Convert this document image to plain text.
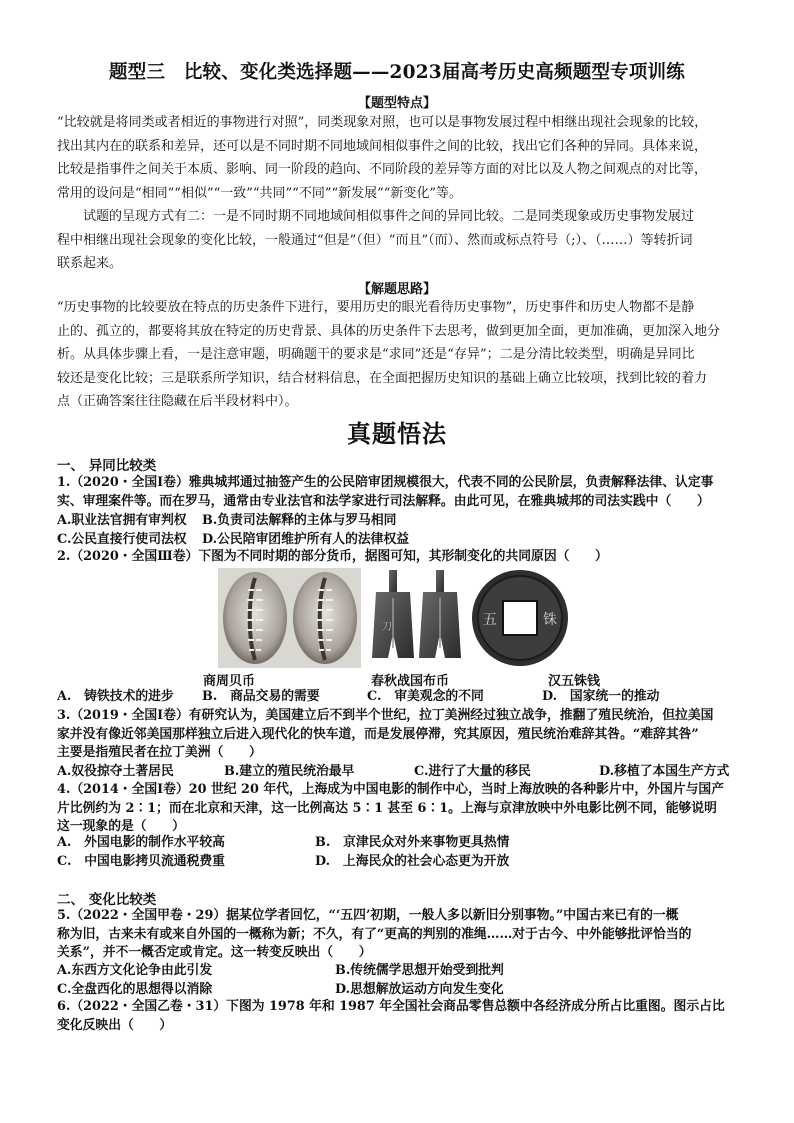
题型三　比较、变化类选择题——2023届高考历史高频题型专项训练
【题型特点】
“比较就是将同类或者相近的事物进行对照”，同类现象对照，也可以是事物发展过程中相继出现社会现象的比较，
找出其内在的联系和差异，还可以是不同时期不同地域间相似事件之间的比较，找出它们各种的异同。具体来说，
比较是指事件之间关于本质、影响、同一阶段的趋向、不同阶段的差异等方面的对比以及人物之间观点的对比等，
常用的设问是“相同”“相似”“一致”“共同”“不同”“新发展”“新变化”等。
试题的呈现方式有二：一是不同时期不同地域间相似事件之间的异同比较。二是同类现象或历史事物发展过
程中相继出现社会现象的变化比较，一般通过“但是”（但）“而且”（而）、然而或标点符号（;）、（……）等转折词
联系起来。
【解题思路】
“历史事物的比较要放在特点的历史条件下进行，要用历史的眼光看待历史事物”，历史事件和历史人物都不是静
止的、孤立的，都要将其放在特定的历史背景、具体的历史条件下去思考，做到更加全面，更加准确，更加深入地分
析。从具体步骤上看，一是注意审题，明确题干的要求是“求同”还是“存异”；二是分清比较类型，明确是异同比
较还是变化比较；三是联系所学知识，结合材料信息，在全面把握历史知识的基础上确立比较项，找到比较的着力
点（正确答案往往隐藏在后半段材料中）。
真题悟法
一、 异同比较类
1.（2020・全国Ⅰ卷）雅典城邦通过抽签产生的公民陪审团规模很大，代表不同的公民阶层，负责解释法律、认定事
实、审理案件等。而在罗马，通常由专业法官和法学家进行司法解释。由此可见，在雅典城邦的司法实践中（　　）
A.职业法官拥有审判权	B.负责司法解释的主体与罗马相同
C.公民直接行使司法权	D.公民陪审团维护所有人的法律权益
2.（2020・全国Ⅲ卷）下图为不同时期的部分货币，据图可知，其形制变化的共同原因（　　）
刀	五	铢
商周贝币	春秋战国布币	汉五铢钱
A.　铸铁技术的进步	B.　商品交易的需要	C.　审美观念的不同	D.　国家统一的推动
3.（2019・全国Ⅰ卷）有研究认为，美国建立后不到半个世纪，拉丁美洲经过独立战争，推翻了殖民统治，但拉美国
家并没有像近邻美国那样独立后进入现代化的快车道，而是发展停滞，究其原因，殖民统治难辞其咎。“难辞其咎”
主要是指殖民者在拉丁美洲（　　）
A.奴役掠夺土著居民	B.建立的殖民统治最早	C.进行了大量的移民	D.移植了本国生产方式
4.（2014・全国Ⅰ卷）20 世纪 20 年代，上海成为中国电影的制作中心，当时上海放映的各种影片中，外国片与国产
片比例约为 2∶1；而在北京和天津，这一比例高达 5∶1 甚至 6∶1。上海与京津放映中外电影比例不同，能够说明
这一现象的是（　　）
A.　外国电影的制作水平较高	B.　京津民众对外来事物更具热情
C.　中国电影拷贝流通税费重	D.　上海民众的社会心态更为开放
二、 变化比较类
5.（2022・全国甲卷・29）据某位学者回忆，“‘五四’初期，一般人多以新旧分别事物。”中国古来已有的一概
称为旧，古来未有或来自外国的一概称为新；不久，有了“更高的判别的准绳……对于古今、中外能够批评恰当的
关系”，并不一概否定或肯定。这一转变反映出（　　）
A.东西方文化论争由此引发	B.传统儒学思想开始受到批判
C.全盘西化的思想得以消除	D.思想解放运动方向发生变化
6.（2022・全国乙卷・31）下图为 1978 年和 1987 年全国社会商品零售总额中各经济成分所占比重图。图示占比
变化反映出（　　）
